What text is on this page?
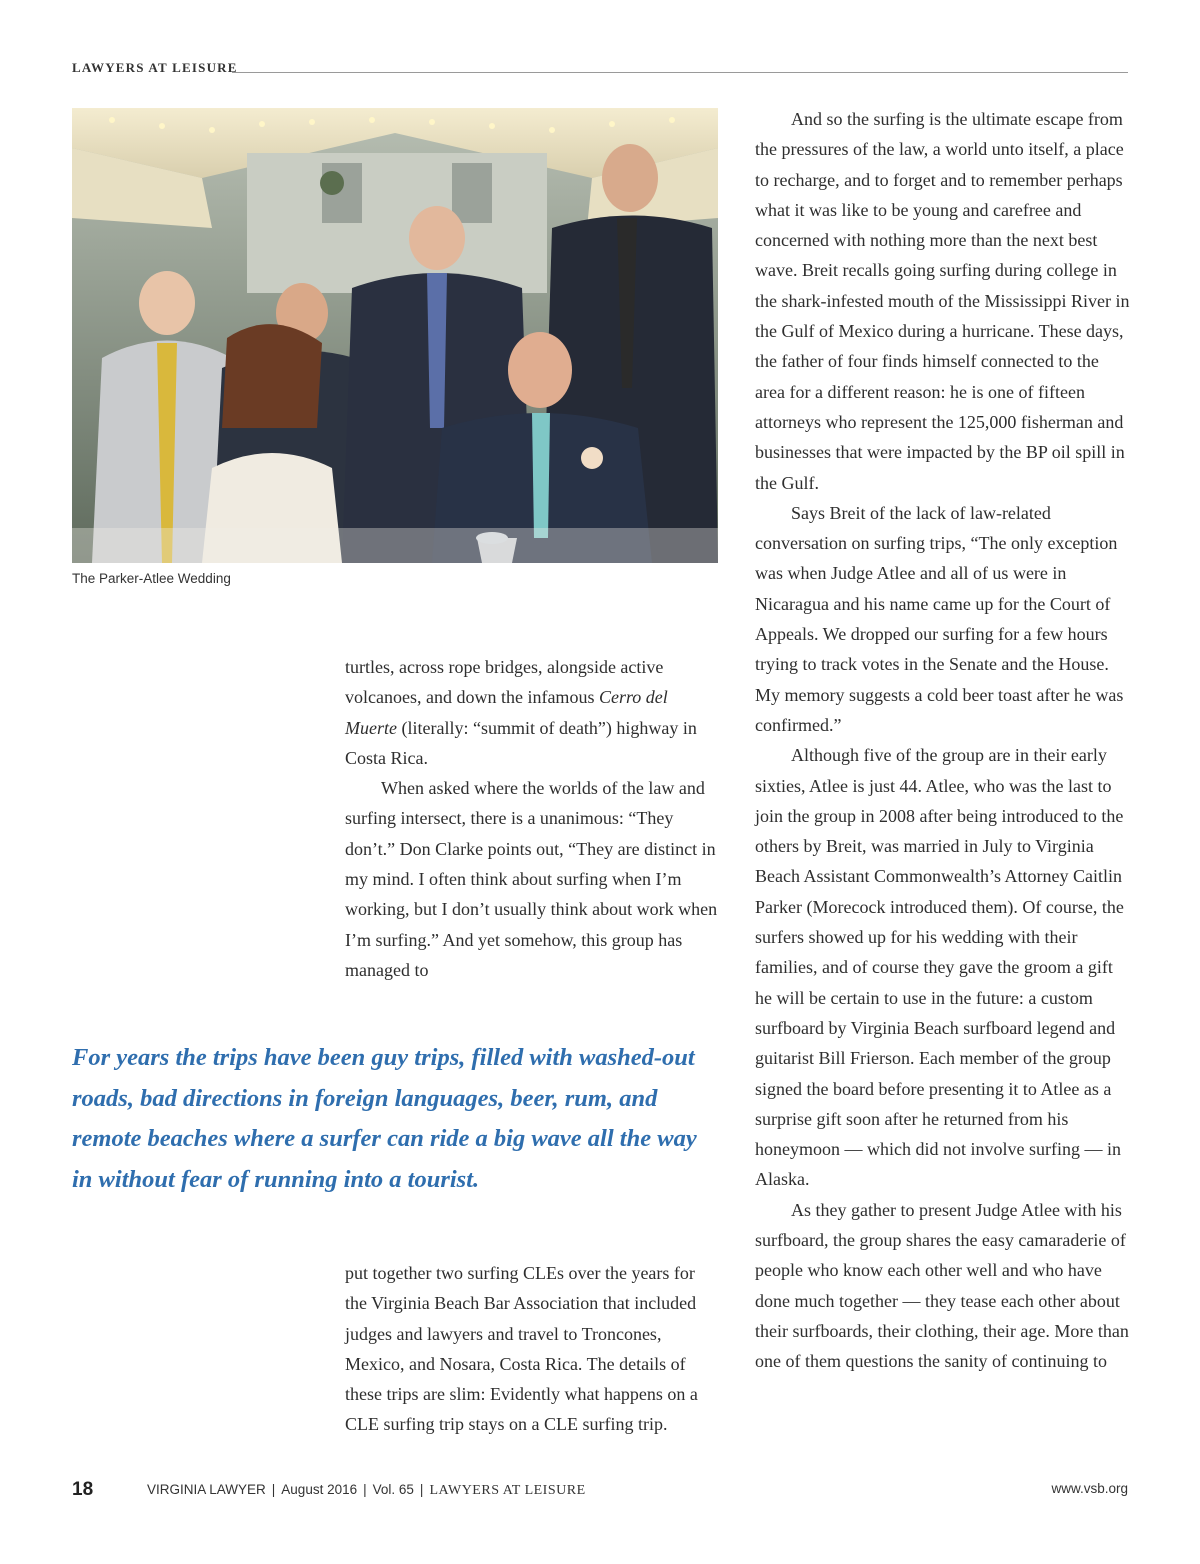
LAWYERS AT LEISURE
The Parker-Atlee Wedding

turtles, across rope bridges, alongside active volcanoes, and down the infamous Cerro del Muerte (literally: “summit of death”) highway in Costa Rica.

When asked where the worlds of the law and surfing intersect, there is a unanimous: “They don’t.” Don Clarke points out, “They are distinct in my mind. I often think about surfing when I’m working, but I don’t usually think about work when I’m surfing.” And yet somehow, this group has managed to

For years the trips have been guy trips, filled with washed-out roads, bad directions in foreign languages, beer, rum, and remote beaches where a surfer can ride a big wave all the way in without fear of running into a tourist.

put together two surfing CLEs over the years for the Virginia Beach Bar Association that included judges and lawyers and travel to Troncones, Mexico, and Nosara, Costa Rica. The details of these trips are slim: Evidently what happens on a CLE surfing trip stays on a CLE surfing trip.

And so the surfing is the ultimate escape from the pressures of the law, a world unto itself, a place to recharge, and to forget and to remember perhaps what it was like to be young and carefree and concerned with nothing more than the next best wave. Breit recalls going surfing during college in the shark-infested mouth of the Mississippi River in the Gulf of Mexico during a hurricane. These days, the father of four finds himself connected to the area for a different reason: he is one of fifteen attorneys who represent the 125,000 fisherman and businesses that were impacted by the BP oil spill in the Gulf.

Says Breit of the lack of law-related conversation on surfing trips, “The only exception was when Judge Atlee and all of us were in Nicaragua and his name came up for the Court of Appeals. We dropped our surfing for a few hours trying to track votes in the Senate and the House. My memory suggests a cold beer toast after he was confirmed.”

Although five of the group are in their early sixties, Atlee is just 44. Atlee, who was the last to join the group in 2008 after being introduced to the others by Breit, was married in July to Virginia Beach Assistant Commonwealth’s Attorney Caitlin Parker (Morecock introduced them). Of course, the surfers showed up for his wedding with their families, and of course they gave the groom a gift he will be certain to use in the future: a custom surfboard by Virginia Beach surfboard legend and guitarist Bill Frierson. Each member of the group signed the board before presenting it to Atlee as a surprise gift soon after he returned from his honeymoon — which did not involve surfing — in Alaska.

As they gather to present Judge Atlee with his surfboard, the group shares the easy camaraderie of people who know each other well and who have done much together — they tease each other about their surfboards, their clothing, their age. More than one of them questions the sanity of continuing to

18	VIRGINIA LAWYER | August 2016 | Vol. 65 | LAWYERS AT LEISURE	www.vsb.org
